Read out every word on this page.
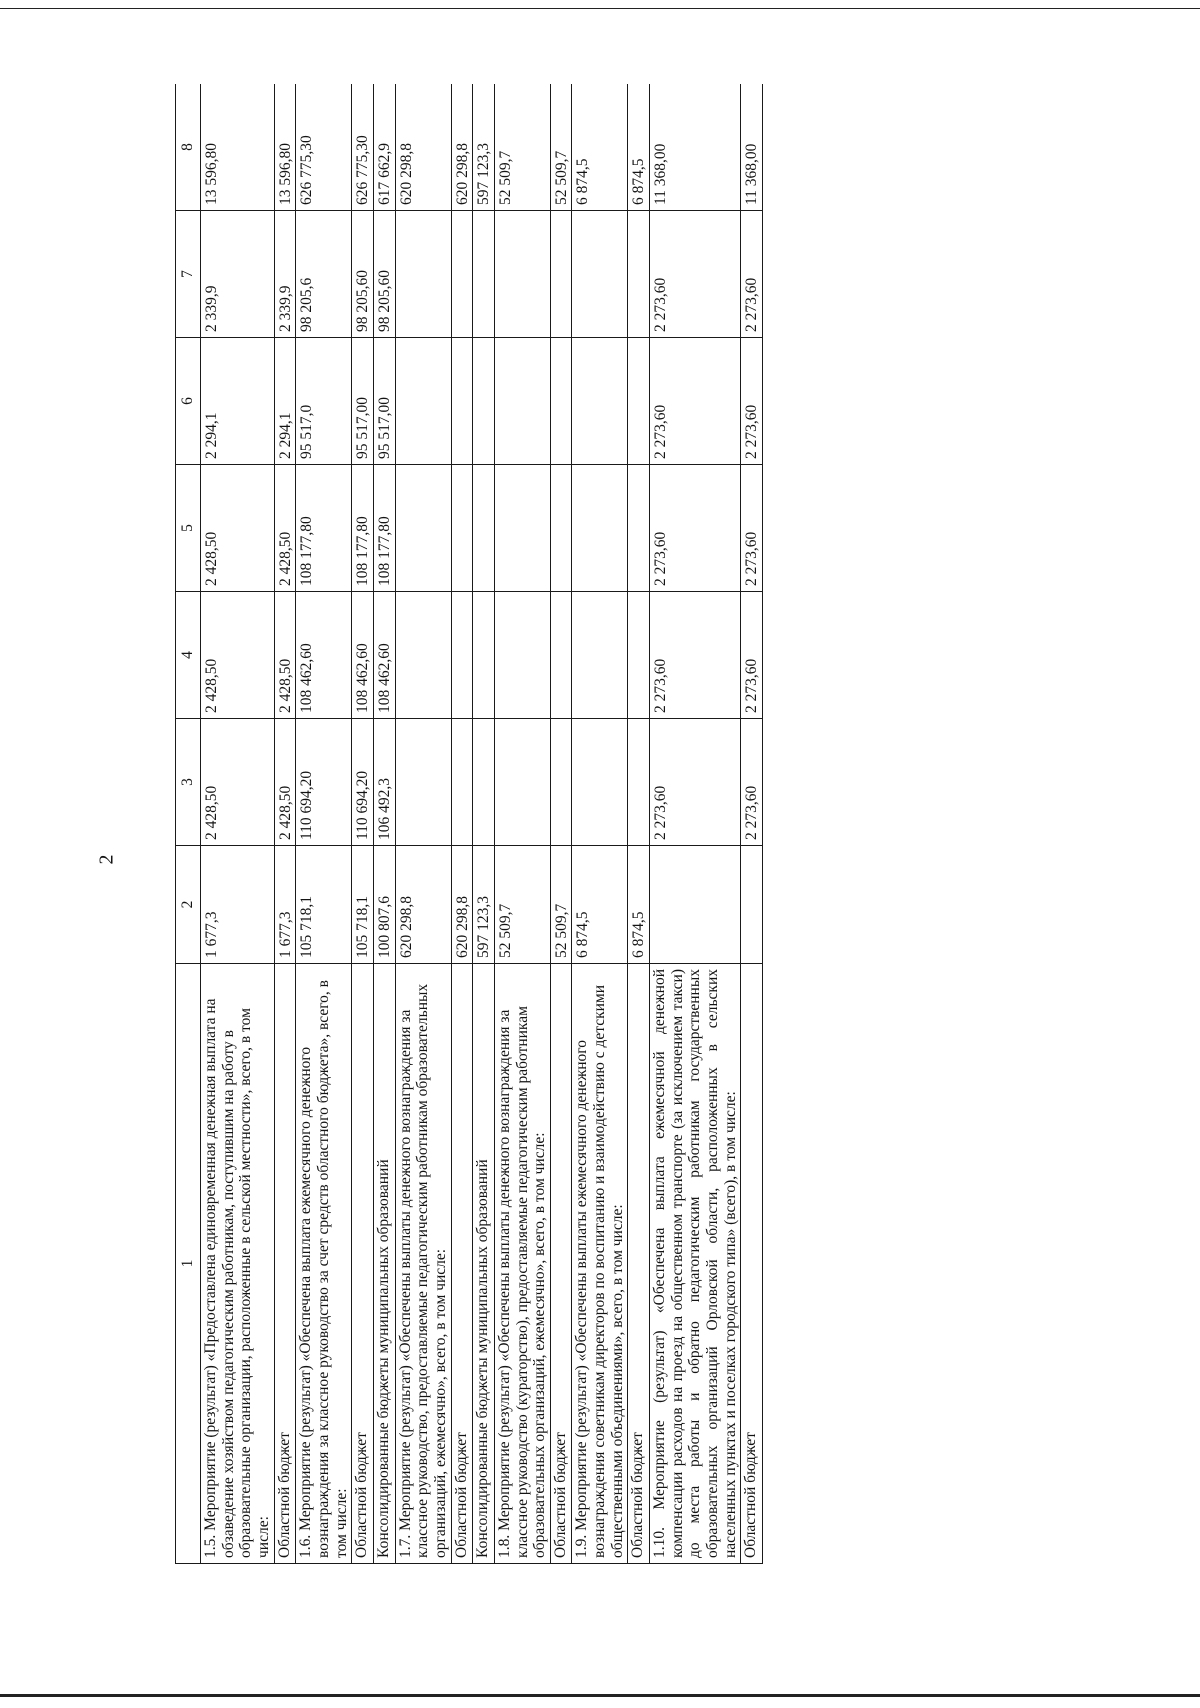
2
1	2	3	4	5	6	7	8
1.5. Мероприятие (результат) «Предоставлена единовременная денежная выплата на обзаведение хозяйством педагогическим работникам, поступившим на работу в образовательные организации, расположенные в сельской местности», всего, в том числе:	1 677,3	2 428,50	2 428,50	2 428,50	2 294,1	2 339,9	13 596,80
Областной бюджет	1 677,3	2 428,50	2 428,50	2 428,50	2 294,1	2 339,9	13 596,80
1.6. Мероприятие (результат) «Обеспечена выплата ежемесячного денежного вознаграждения за классное руководство за счет средств областного бюджета», всего, в том числе:	105 718,1	110 694,20	108 462,60	108 177,80	95 517,0	98 205,6	626 775,30
Областной бюджет	105 718,1	110 694,20	108 462,60	108 177,80	95 517,00	98 205,60	626 775,30
Консолидированные бюджеты муниципальных образований	100 807,6	106 492,3	108 462,60	108 177,80	95 517,00	98 205,60	617 662,9
1.7. Мероприятие (результат) «Обеспечены выплаты денежного вознаграждения за классное руководство, предоставляемые педагогическим работникам образовательных организаций, ежемесячно», всего, в том числе:	620 298,8						620 298,8
Областной бюджет	620 298,8						620 298,8
Консолидированные бюджеты муниципальных образований	597 123,3						597 123,3
1.8. Мероприятие (результат) «Обеспечены выплаты денежного вознаграждения за классное руководство (кураторство), предоставляемые педагогическим работникам образовательных организаций, ежемесячно», всего, в том числе:	52 509,7						52 509,7
Областной бюджет	52 509,7						52 509,7
1.9. Мероприятие (результат) «Обеспечены выплаты ежемесячного денежного вознаграждения советникам директоров по воспитанию и взаимодействию с детскими общественными объединениями», всего, в том числе:	6 874,5						6 874,5
Областной бюджет	6 874,5						6 874,5
1.10. Мероприятие (результат) «Обеспечена выплата ежемесячной денежной компенсации расходов на проезд на общественном транспорте (за исключением такси) до места работы и обратно педагогическим работникам государственных образовательных организаций Орловской области, расположенных в сельских населенных пунктах и поселках городского типа» (всего), в том числе:		2 273,60	2 273,60	2 273,60	2 273,60	2 273,60	11 368,00
Областной бюджет		2 273,60	2 273,60	2 273,60	2 273,60	2 273,60	11 368,00
